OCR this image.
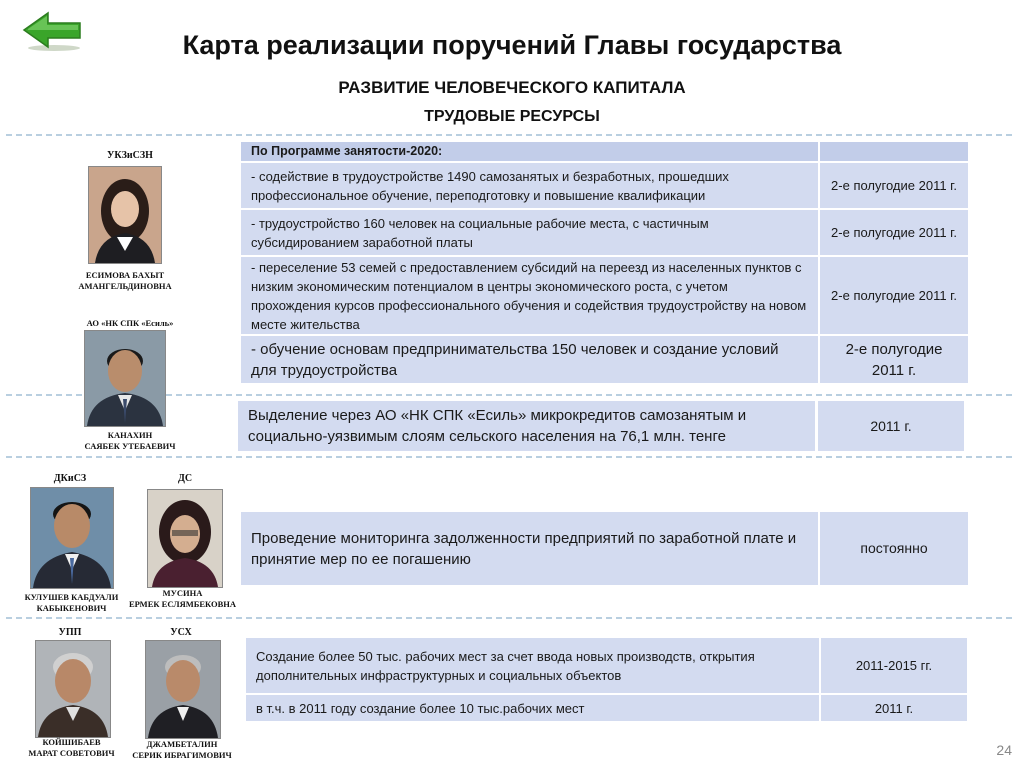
Карта реализации поручений Главы государства
РАЗВИТИЕ ЧЕЛОВЕЧЕСКОГО КАПИТАЛА
ТРУДОВЫЕ РЕСУРСЫ
УКЗиСЗН
ЕСИМОВА БАХЫТ
АМАНГЕЛЬДИНОВНА
АО «НК СПК «Есиль»
КАНАХИН
САЯБЕК УТЕБАЕВИЧ
ДКиСЗ
КУЛУШЕВ КАБДУАЛИ
КАБЫКЕНОВИЧ
ДС
МУСИНА
ЕРМЕК ЕСЛЯМБЕКОВНА
УПП
КОЙШИБАЕВ
МАРАТ СОВЕТОВИЧ
УСХ
ДЖАМБЕТАЛИН
СЕРИК ИБРАГИМОВИЧ
По Программе занятости-2020:
- содействие в трудоустройстве 1490 самозанятых и безработных, прошедших профессиональное обучение, переподготовку и повышение квалификации
2-е полугодие 2011 г.
- трудоустройство 160 человек на социальные рабочие места, с частичным субсидированием заработной платы
2-е полугодие 2011 г.
- переселение 53 семей с предоставлением субсидий на переезд из населенных пунктов с низким экономическим потенциалом в центры экономического роста, с учетом прохождения курсов профессионального обучения и содействия трудоустройству на новом месте жительства
2-е полугодие 2011 г.
- обучение основам предпринимательства 150 человек и создание условий для трудоустройства
2-е полугодие 2011 г.
Выделение через АО «НК СПК «Есиль» микрокредитов самозанятым и социально-уязвимым слоям сельского населения на 76,1 млн. тенге
2011 г.
Проведение мониторинга задолженности предприятий по заработной плате и принятие мер по ее погашению
постоянно
Создание более 50 тыс. рабочих мест за счет ввода новых производств, открытия дополнительных инфраструктурных и социальных объектов
2011-2015 гг.
в т.ч. в 2011 году создание более 10 тыс.рабочих мест	2011 г.
24
